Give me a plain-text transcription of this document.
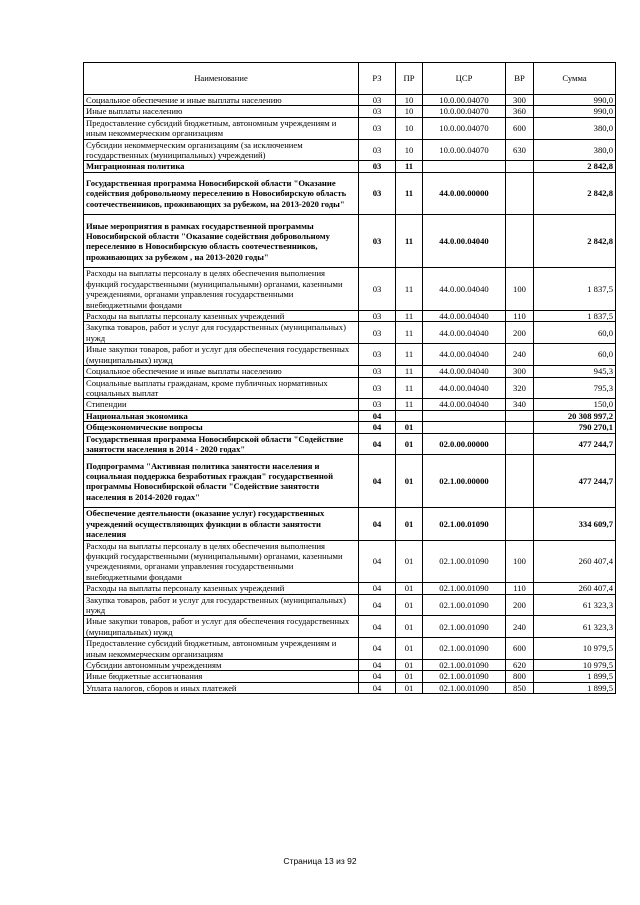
Наименование	РЗ	ПР	ЦСР	ВР	Сумма
Социальное обеспечение и иные выплаты населению	03	10	10.0.00.04070	300	990,0
Иные выплаты населению	03	10	10.0.00.04070	360	990,0
Предоставление субсидий бюджетным, автономным учреждениям и иным некоммерческим организациям	03	10	10.0.00.04070	600	380,0
Субсидии некоммерческим организациям (за исключением государственных (муниципальных) учреждений)	03	10	10.0.00.04070	630	380,0
Миграционная политика	03	11			2 842,8
Государственная программа Новосибирской области "Оказание содействия добровольному переселению в Новосибирскую область соотечественников, проживающих за рубежом, на 2013-2020 годы"	03	11	44.0.00.00000		2 842,8
Иные мероприятия в рамках государственной программы Новосибирской области "Оказание содействия добровольному переселению в Новосибирскую область соотечественников, проживающих за рубежом , на 2013-2020 годы"	03	11	44.0.00.04040		2 842,8
Расходы на выплаты персоналу в целях обеспечения выполнения функций государственными (муниципальными) органами, казенными учреждениями, органами управления государственными внебюджетными фондами	03	11	44.0.00.04040	100	1 837,5
Расходы на выплаты персоналу казенных учреждений	03	11	44.0.00.04040	110	1 837,5
Закупка товаров, работ и услуг для государственных (муниципальных) нужд	03	11	44.0.00.04040	200	60,0
Иные закупки товаров, работ и услуг для обеспечения государственных (муниципальных) нужд	03	11	44.0.00.04040	240	60,0
Социальное обеспечение и иные выплаты населению	03	11	44.0.00.04040	300	945,3
Социальные выплаты гражданам, кроме публичных нормативных социальных выплат	03	11	44.0.00.04040	320	795,3
Стипендии	03	11	44.0.00.04040	340	150,0
Национальная экономика	04				20 308 997,2
Общеэкономические вопросы	04	01			790 270,1
Государственная программа Новосибирской области "Содействие занятости населения в 2014 - 2020 годах"	04	01	02.0.00.00000		477 244,7
Подпрограмма "Активная политика занятости населения и социальная поддержка безработных граждан" государственной программы Новосибирской области "Содействие занятости населения в 2014-2020 годах"	04	01	02.1.00.00000		477 244,7
Обеспечение деятельности (оказание услуг) государственных учреждений осуществляющих функции в области занятости населения	04	01	02.1.00.01090		334 609,7
Расходы на выплаты персоналу в целях обеспечения выполнения функций государственными (муниципальными) органами, казенными учреждениями, органами управления государственными внебюджетными фондами	04	01	02.1.00.01090	100	260 407,4
Расходы на выплаты персоналу казенных учреждений	04	01	02.1.00.01090	110	260 407,4
Закупка товаров, работ и услуг для государственных (муниципальных) нужд	04	01	02.1.00.01090	200	61 323,3
Иные закупки товаров, работ и услуг для обеспечения государственных (муниципальных) нужд	04	01	02.1.00.01090	240	61 323,3
Предоставление субсидий бюджетным, автономным учреждениям и иным некоммерческим организациям	04	01	02.1.00.01090	600	10 979,5
Субсидии автономным учреждениям	04	01	02.1.00.01090	620	10 979,5
Иные бюджетные ассигнования	04	01	02.1.00.01090	800	1 899,5
Уплата налогов, сборов и иных платежей	04	01	02.1.00.01090	850	1 899,5
Страница 13 из 92
